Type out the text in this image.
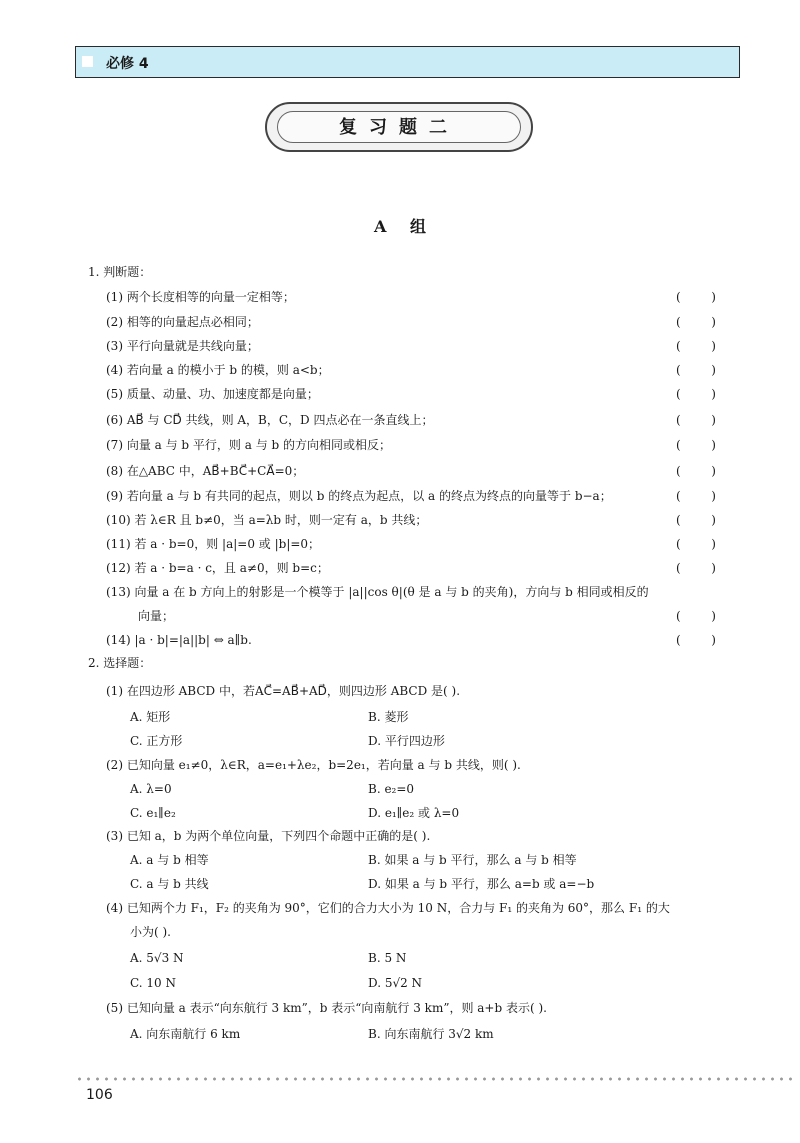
必修 4
复习题二
A 组
1. 判断题：
(1) 两个长度相等的向量一定相等；	(        )
(2) 相等的向量起点必相同；	(        )
(3) 平行向量就是共线向量；	(        )
(4) 若向量 a 的模小于 b 的模，则 a<b；	(        )
(5) 质量、动量、功、加速度都是向量；	(        )
(6) AB⃗ 与 CD⃗ 共线，则 A，B，C，D 四点必在一条直线上；	(        )
(7) 向量 a 与 b 平行，则 a 与 b 的方向相同或相反；	(        )
(8) 在△ABC 中，AB⃗+BC⃗+CA⃗=0；	(        )
(9) 若向量 a 与 b 有共同的起点，则以 b 的终点为起点，以 a 的终点为终点的向量等于 b−a；	(        )
(10) 若 λ∈R 且 b≠0，当 a=λb 时，则一定有 a，b 共线；	(        )
(11) 若 a · b=0，则 |a|=0 或 |b|=0；	(        )
(12) 若 a · b=a · c，且 a≠0，则 b=c；	(        )
(13) 向量 a 在 b 方向上的射影是一个模等于 |a||cos θ|(θ 是 a 与 b 的夹角)，方向与 b 相同或相反的
向量；	(        )
(14) |a · b|=|a||b| ⇔ a∥b.	(        )
2. 选择题：
(1) 在四边形 ABCD 中，若AC⃗=AB⃗+AD⃗，则四边形 ABCD 是( ).
A. 矩形	B. 菱形
C. 正方形	D. 平行四边形
(2) 已知向量 e₁≠0，λ∈R，a=e₁+λe₂，b=2e₁，若向量 a 与 b 共线，则( ).
A. λ=0	B. e₂=0
C. e₁∥e₂	D. e₁∥e₂ 或 λ=0
(3) 已知 a，b 为两个单位向量，下列四个命题中正确的是( ).
A. a 与 b 相等	B. 如果 a 与 b 平行，那么 a 与 b 相等
C. a 与 b 共线	D. 如果 a 与 b 平行，那么 a=b 或 a=−b
(4) 已知两个力 F₁，F₂ 的夹角为 90°，它们的合力大小为 10 N，合力与 F₁ 的夹角为 60°，那么 F₁ 的大
小为( ).
A. 5√3 N	B. 5 N
C. 10 N	D. 5√2 N
(5) 已知向量 a 表示“向东航行 3 km”，b 表示“向南航行 3 km”，则 a+b 表示( ).
A. 向东南航行 6 km	B. 向东南航行 3√2 km
106
